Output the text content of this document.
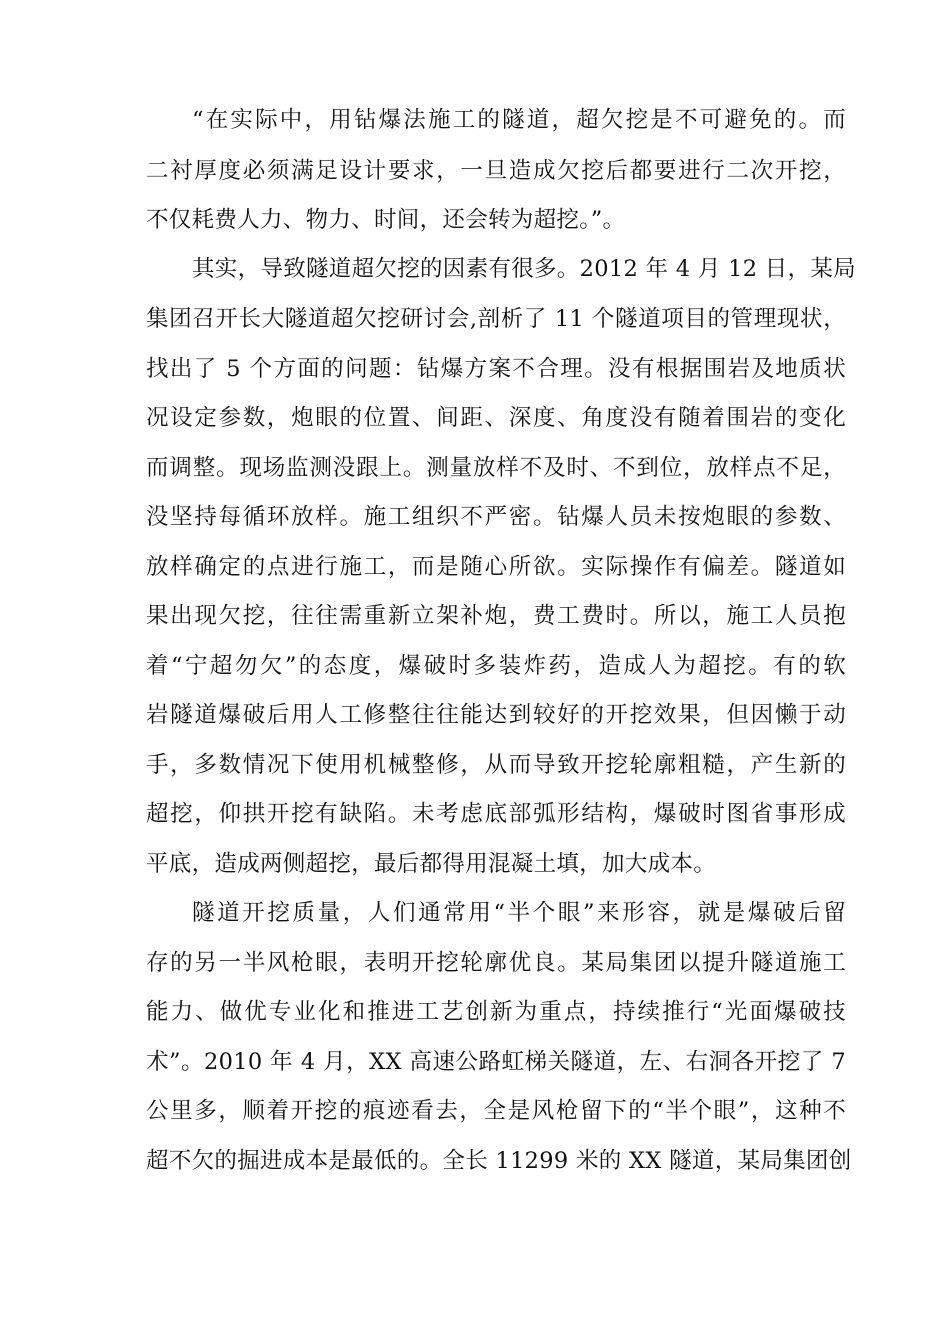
“在实际中，用钻爆法施工的隧道，超欠挖是不可避免的。而
二衬厚度必须满足设计要求，一旦造成欠挖后都要进行二次开挖，
不仅耗费人力、物力、时间，还会转为超挖。”。
其实，导致隧道超欠挖的因素有很多。2012 年 4 月 12 日，某局
集团召开长大隧道超欠挖研讨会,剖析了 11 个隧道项目的管理现状，
找出了 5 个方面的问题：钻爆方案不合理。没有根据围岩及地质状
况设定参数，炮眼的位置、间距、深度、角度没有随着围岩的变化
而调整。现场监测没跟上。测量放样不及时、不到位，放样点不足，
没坚持每循环放样。施工组织不严密。钻爆人员未按炮眼的参数、
放样确定的点进行施工，而是随心所欲。实际操作有偏差。隧道如
果出现欠挖，往往需重新立架补炮，费工费时。所以，施工人员抱
着“宁超勿欠”的态度，爆破时多装炸药，造成人为超挖。有的软
岩隧道爆破后用人工修整往往能达到较好的开挖效果，但因懒于动
手，多数情况下使用机械整修，从而导致开挖轮廓粗糙，产生新的
超挖，仰拱开挖有缺陷。未考虑底部弧形结构，爆破时图省事形成
平底，造成两侧超挖，最后都得用混凝土填，加大成本。
隧道开挖质量，人们通常用“半个眼”来形容，就是爆破后留
存的另一半风枪眼，表明开挖轮廓优良。某局集团以提升隧道施工
能力、做优专业化和推进工艺创新为重点，持续推行“光面爆破技
术”。2010 年 4 月，XX 高速公路虹梯关隧道，左、右洞各开挖了 7
公里多，顺着开挖的痕迹看去，全是风枪留下的“半个眼”，这种不
超不欠的掘进成本是最低的。全长 11299 米的 XX 隧道，某局集团创
